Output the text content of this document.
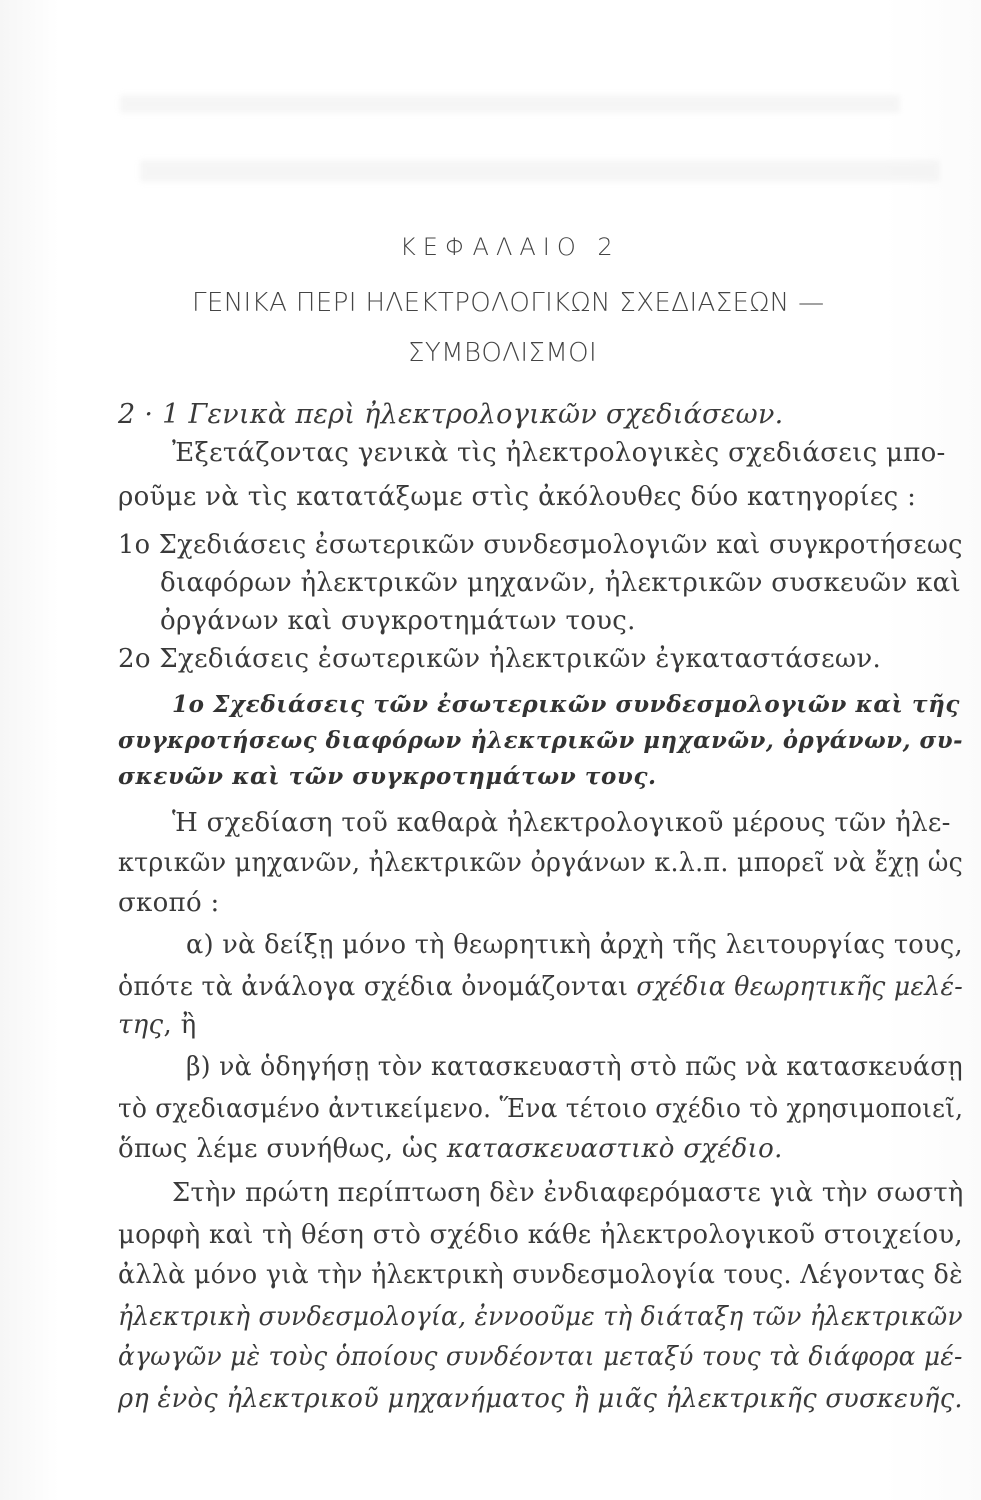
ΚΕΦΑΛΑΙΟ 2
ΓΕΝΙΚΑ ΠΕΡΙ ΗΛΕΚΤΡΟΛΟΓΙΚΩΝ ΣΧΕΔΙΑΣΕΩΝ —
ΣΥΜΒΟΛΙΣΜΟΙ
2 · 1 Γενικὰ περὶ ἠλεκτρολογικῶν σχεδιάσεων.
Ἐξετάζοντας γενικὰ τὶς ἠλεκτρολογικὲς σχεδιάσεις μπο-
ροῦμε νὰ τὶς κατατάξωμε στὶς ἀκόλουθες δύο κατηγορίες :
1ο Σχεδιάσεις ἐσωτερικῶν συνδεσμολογιῶν καὶ συγκροτήσεως
διαφόρων ἠλεκτρικῶν μηχανῶν, ἠλεκτρικῶν συσκευῶν καὶ
ὀργάνων καὶ συγκροτημάτων τους.
2ο Σχεδιάσεις ἐσωτερικῶν ἠλεκτρικῶν ἐγκαταστάσεων.
1ο Σχεδιάσεις τῶν ἐσωτερικῶν συνδεσμολογιῶν καὶ τῆς
συγκροτήσεως διαφόρων ἠλεκτρικῶν μηχανῶν, ὀργάνων, συ-
σκευῶν καὶ τῶν συγκροτημάτων τους.
Ἡ σχεδίαση τοῦ καθαρὰ ἠλεκτρολογικοῦ μέρους τῶν ἠλε-
κτρικῶν μηχανῶν, ἠλεκτρικῶν ὀργάνων κ.λ.π. μπορεῖ νὰ ἔχῃ ὡς
σκοπό :
α) νὰ δείξῃ μόνο τὴ θεωρητικὴ ἀρχὴ τῆς λειτουργίας τους,
ὁπότε τὰ ἀνάλογα σχέδια ὀνομάζονται σχέδια θεωρητικῆς μελέ-
της, ἢ
β) νὰ ὁδηγήσῃ τὸν κατασκευαστὴ στὸ πῶς νὰ κατασκευάσῃ
τὸ σχεδιασμένο ἀντικείμενο. Ἕνα τέτοιο σχέδιο τὸ χρησιμοποιεῖ,
ὅπως λέμε συνήθως, ὡς κατασκευαστικὸ σχέδιο.
Στὴν πρώτη περίπτωση δὲν ἐνδιαφερόμαστε γιὰ τὴν σωστὴ
μορφὴ καὶ τὴ θέση στὸ σχέδιο κάθε ἠλεκτρολογικοῦ στοιχείου,
ἀλλὰ μόνο γιὰ τὴν ἠλεκτρικὴ συνδεσμολογία τους. Λέγοντας δὲ
ἠλεκτρικὴ συνδεσμολογία, ἐννοοῦμε τὴ διάταξη τῶν ἠλεκτρικῶν
ἀγωγῶν μὲ τοὺς ὁποίους συνδέονται μεταξύ τους τὰ διάφορα μέ-
ρη ἑνὸς ἠλεκτρικοῦ μηχανήματος ἢ μιᾶς ἠλεκτρικῆς συσκευῆς.
